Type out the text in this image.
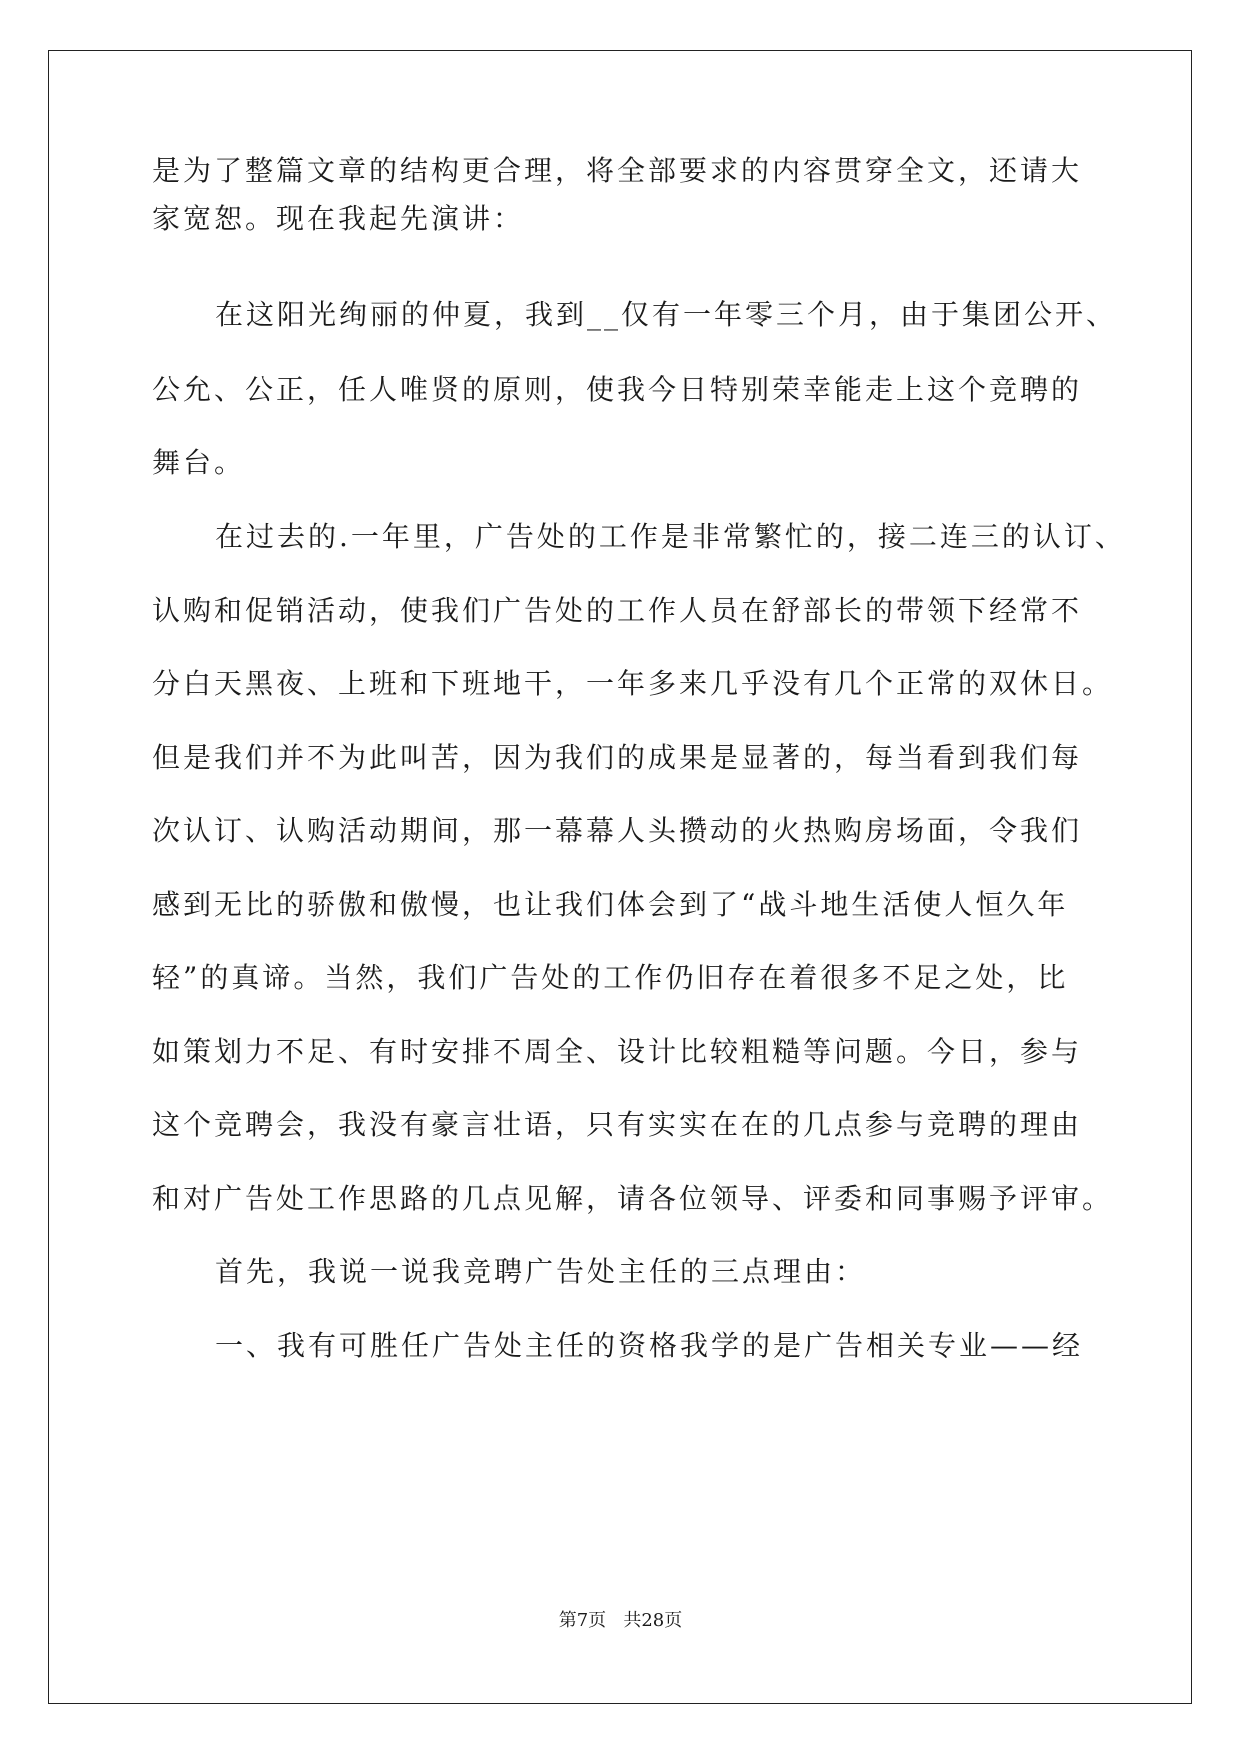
是为了整篇文章的结构更合理，将全部要求的内容贯穿全文，还请大
家宽恕。现在我起先演讲：
在这阳光绚丽的仲夏，我到__仅有一年零三个月，由于集团公开、
公允、公正，任人唯贤的原则，使我今日特别荣幸能走上这个竞聘的
舞台。
在过去的.一年里，广告处的工作是非常繁忙的，接二连三的认订、
认购和促销活动，使我们广告处的工作人员在舒部长的带领下经常不
分白天黑夜、上班和下班地干，一年多来几乎没有几个正常的双休日。
但是我们并不为此叫苦，因为我们的成果是显著的，每当看到我们每
次认订、认购活动期间，那一幕幕人头攒动的火热购房场面，令我们
感到无比的骄傲和傲慢，也让我们体会到了“战斗地生活使人恒久年
轻”的真谛。当然，我们广告处的工作仍旧存在着很多不足之处，比
如策划力不足、有时安排不周全、设计比较粗糙等问题。今日，参与
这个竞聘会，我没有豪言壮语，只有实实在在的几点参与竞聘的理由
和对广告处工作思路的几点见解，请各位领导、评委和同事赐予评审。
首先，我说一说我竞聘广告处主任的三点理由：
一、我有可胜任广告处主任的资格我学的是广告相关专业——经
第7页 共28页
